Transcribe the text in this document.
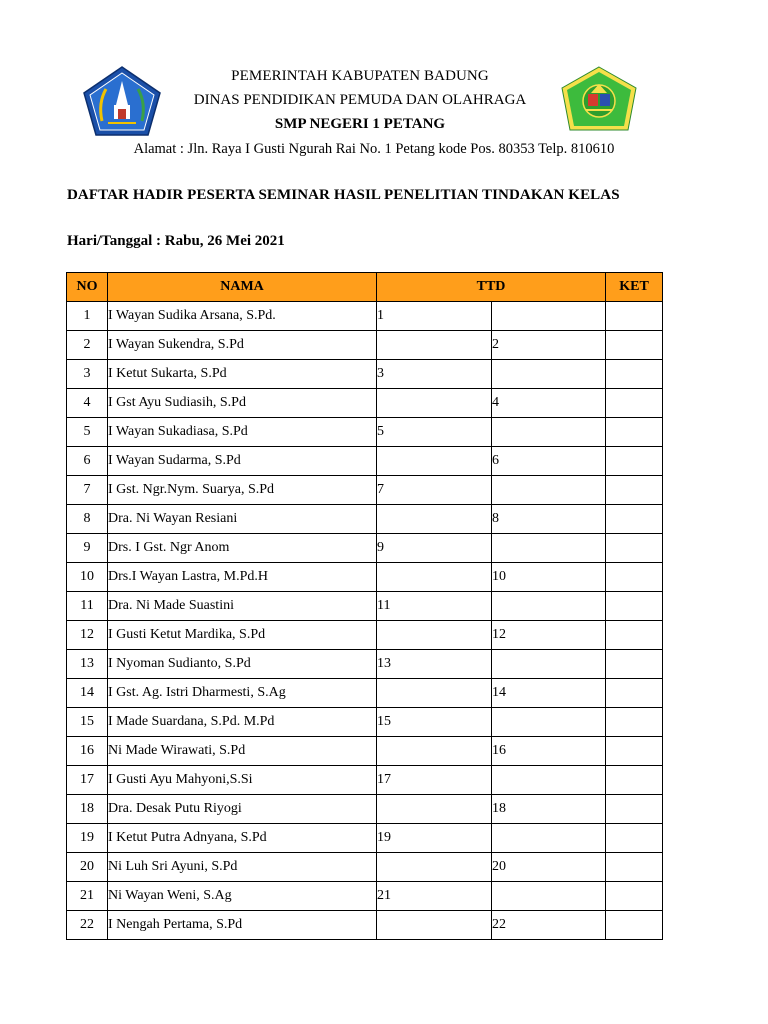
PEMERINTAH KABUPATEN BADUNG
DINAS PENDIDIKAN PEMUDA DAN OLAHRAGA
SMP NEGERI 1 PETANG
Alamat : Jln. Raya I Gusti Ngurah Rai No. 1 Petang kode Pos. 80353 Telp. 810610
DAFTAR HADIR PESERTA SEMINAR HASIL PENELITIAN TINDAKAN KELAS
Hari/Tanggal : Rabu, 26 Mei 2021
NO	NAMA	TTD		KET
1	I Wayan Sudika Arsana, S.Pd.	1		
2	I Wayan Sukendra, S.Pd		2	
3	I Ketut Sukarta, S.Pd	3		
4	I Gst Ayu Sudiasih, S.Pd		4	
5	I Wayan Sukadiasa, S.Pd	5		
6	I Wayan Sudarma, S.Pd		6	
7	I Gst. Ngr.Nym. Suarya, S.Pd	7		
8	Dra. Ni Wayan Resiani		8	
9	Drs. I Gst. Ngr Anom	9		
10	Drs.I Wayan Lastra, M.Pd.H		10	
11	Dra. Ni Made Suastini	11		
12	I Gusti Ketut Mardika, S.Pd		12	
13	I Nyoman Sudianto, S.Pd	13		
14	I Gst. Ag. Istri Dharmesti, S.Ag		14	
15	I Made Suardana, S.Pd. M.Pd	15		
16	Ni Made Wirawati, S.Pd		16	
17	I Gusti Ayu Mahyoni,S.Si	17		
18	Dra. Desak Putu Riyogi		18	
19	I Ketut Putra Adnyana, S.Pd	19		
20	Ni Luh Sri Ayuni, S.Pd		20	
21	Ni Wayan Weni, S.Ag	21		
22	I Nengah Pertama, S.Pd		22	
